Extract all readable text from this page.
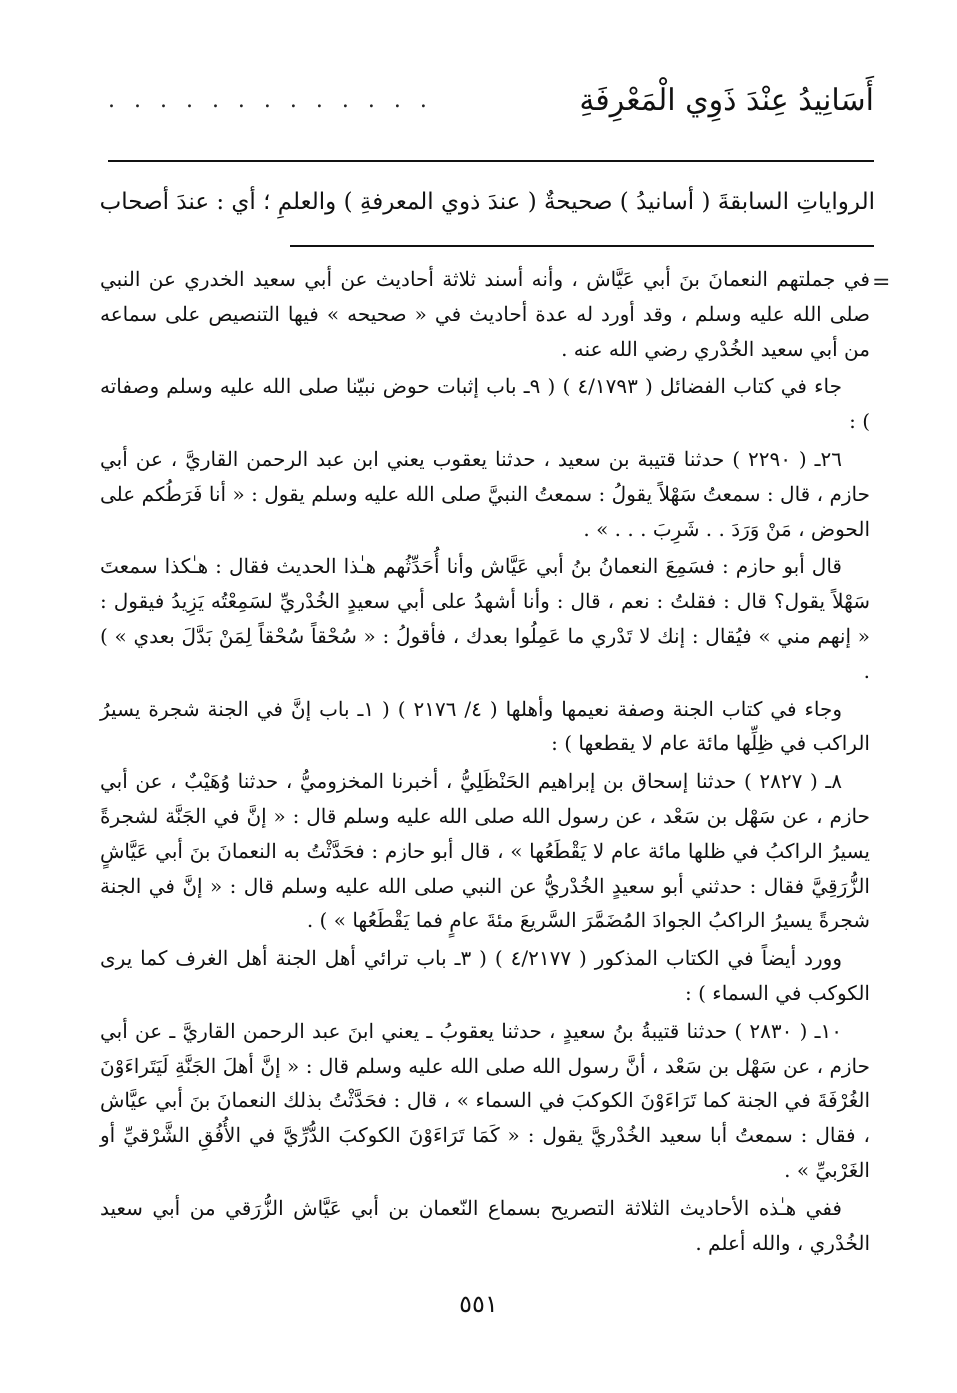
أَسَانِيدُ عِنْدَ ذَوِي الْمَعْرِفَةِ
. . . . . . . . . . . . .
الرواياتِ السابقةَ ( أسانيدُ ) صحيحةٌ ( عندَ ذوي المعرفةِ ) والعلمِ ؛ أي : عندَ أصحاب
=

في جملتهم النعمانَ بنَ أبي عَيَّاش ، وأنه أسند ثلاثة أحاديث عن أبي سعيد الخدري عن النبي صلى الله عليه وسلم ، وقد أورد له عدة أحاديث في « صحيحه » فيها التنصيص على سماعه من أبي سعيد الخُدْري رضي الله عنه .

جاء في كتاب الفضائل ( ٤/١٧٩٣ ) ( ٩ـ باب إثبات حوض نبيّنا صلى الله عليه وسلم وصفاته ) :

٢٦ـ ( ٢٢٩٠ ) حدثنا قتيبة بن سعيد ، حدثنا يعقوب يعني ابن عبد الرحمن القاريَّ ، عن أبي حازم ، قال : سمعتُ سَهْلاً يقولُ : سمعتُ النبيَّ صلى الله عليه وسلم يقول : « أنا فَرَطُكم على الحوض ، مَنْ وَرَدَ . . شَرِبَ . . . » .

قال أبو حازم : فسَمِعَ النعمانُ بنُ أبي عَيَّاش وأنا أُحَدِّثُهم هـٰذا الحديث فقال : هـٰكذا سمعتَ سَهْلاً يقول؟ قال : فقلتُ : نعم ، قال : وأنا أشهدُ على أبي سعيدٍ الخُدْريِّ لسَمِعْتُه يَزِيدُ فيقول : « إنهم مني » فيُقال : إنك لا تَدْري ما عَمِلُوا بعدك ، فأقولُ : « سُحْقاً سُحْقاً لِمَنْ بَدَّلَ بعدي » ) .

وجاء في كتاب الجنة وصفة نعيمها وأهلها ( ٤/ ٢١٧٦ ) ( ١ـ باب إنَّ في الجنة شجرة يسيرُ الراكب في ظِلِّها مائة عام لا يقطعها ) :

٨ـ ( ٢٨٢٧ ) حدثنا إسحاق بن إبراهيم الحَنْظَلِيُّ ، أخبرنا المخزوميُّ ، حدثنا وُهَيْبٌ ، عن أبي حازم ، عن سَهْل بن سَعْد ، عن رسول الله صلى الله عليه وسلم قال : « إنَّ في الجَنَّة لشجرةً يسيرُ الراكبُ في ظلها مائة عام لا يَقْطَعُها » ، قال أبو حازم : فحَدَّثْتُ به النعمانَ بنَ أبي عَيَّاشٍ الزُّرَقِيَّ فقال : حدثني أبو سعيدٍ الخُدْريُّ عن النبي صلى الله عليه وسلم قال : « إنَّ في الجنة شجرةً يسيرُ الراكبُ الجوادَ المُضَمَّرَ السَّريعَ مئةَ عامٍ فما يَقْطَعُها » ) .

وورد أيضاً في الكتاب المذكور ( ٤/٢١٧٧ ) ( ٣ـ باب ترائي أهل الجنة أهل الغرف كما يرى الكوكب في السماء ) :

١٠ـ ( ٢٨٣٠ ) حدثنا قتيبةُ بنُ سعيدٍ ، حدثنا يعقوبُ ـ يعني ابنَ عبد الرحمن القاريَّ ـ عن أبي حازم ، عن سَهْل بن سَعْد ، أنَّ رسول الله صلى الله عليه وسلم قال : « إنَّ أهلَ الجَنَّةِ لَيَتَراءَوْنَ الغُرْفَةَ في الجنة كما تَرَاءَوْنَ الكوكبَ في السماء » ، قال : فحَدَّثْتُ بذلك النعمانَ بنَ أبي عيَّاش ، فقال : سمعتُ أبا سعيد الخُدْريَّ يقول : « كَمَا تَرَاءَوْنَ الكوكبَ الدُّرِّيَّ في الأُفُقِ الشَّرْقيِّ أو الغَرْبيِّ » .

ففي هـٰذه الأحاديث الثلاثة التصريح بسماع النّعمان بن أبي عَيَّاش الزُّرَقي من أبي سعيد الخُدْري ، والله أعلم .

٥٥١
